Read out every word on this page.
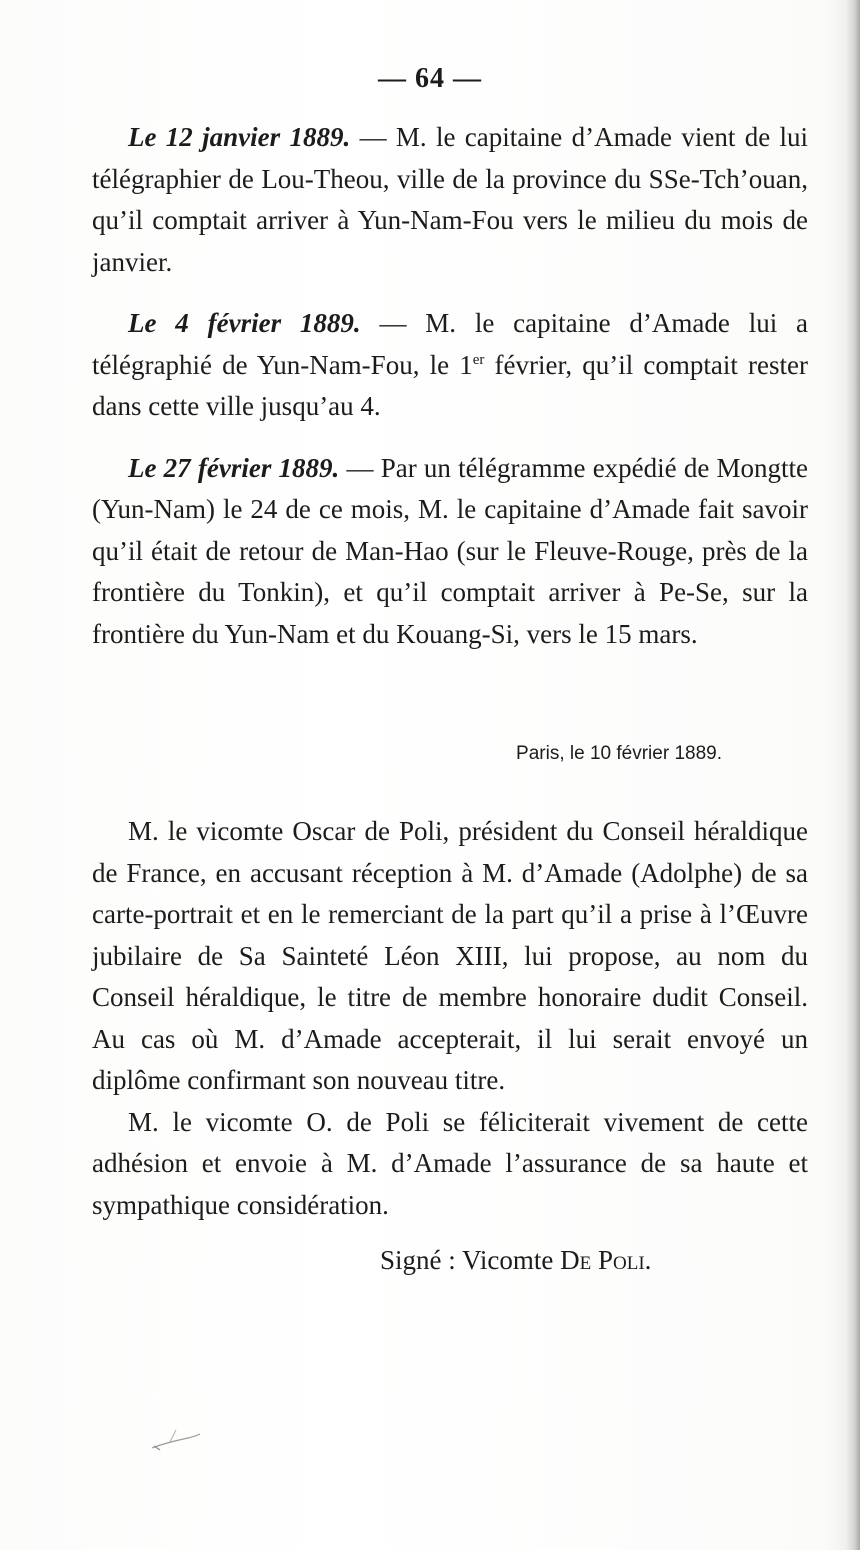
— 64 —

Le 12 janvier 1889. — M. le capitaine d’Amade vient de lui télégraphier de Lou-Theou, ville de la province du SSe-Tch’ouan, qu’il comptait arriver à Yun-Nam-Fou vers le milieu du mois de janvier.

Le 4 février 1889. — M. le capitaine d’Amade lui a télégraphié de Yun-Nam-Fou, le 1er février, qu’il comptait rester dans cette ville jusqu’au 4.

Le 27 février 1889. — Par un télégramme expédié de Mongtte (Yun-Nam) le 24 de ce mois, M. le capitaine d’Amade fait savoir qu’il était de retour de Man-Hao (sur le Fleuve-Rouge, près de la frontière du Tonkin), et qu’il comptait arriver à Pe-Se, sur la frontière du Yun-Nam et du Kouang-Si, vers le 15 mars.

Paris, le 10 février 1889.

M. le vicomte Oscar de Poli, président du Conseil héraldique de France, en accusant réception à M. d’Amade (Adolphe) de sa carte-portrait et en le remerciant de la part qu’il a prise à l’Œuvre jubilaire de Sa Sainteté Léon XIII, lui propose, au nom du Conseil héraldique, le titre de membre honoraire dudit Conseil. Au cas où M. d’Amade accepterait, il lui serait envoyé un diplôme confirmant son nouveau titre.

M. le vicomte O. de Poli se féliciterait vivement de cette adhésion et envoie à M. d’Amade l’assurance de sa haute et sympathique considération.

Signé : Vicomte De Poli.
